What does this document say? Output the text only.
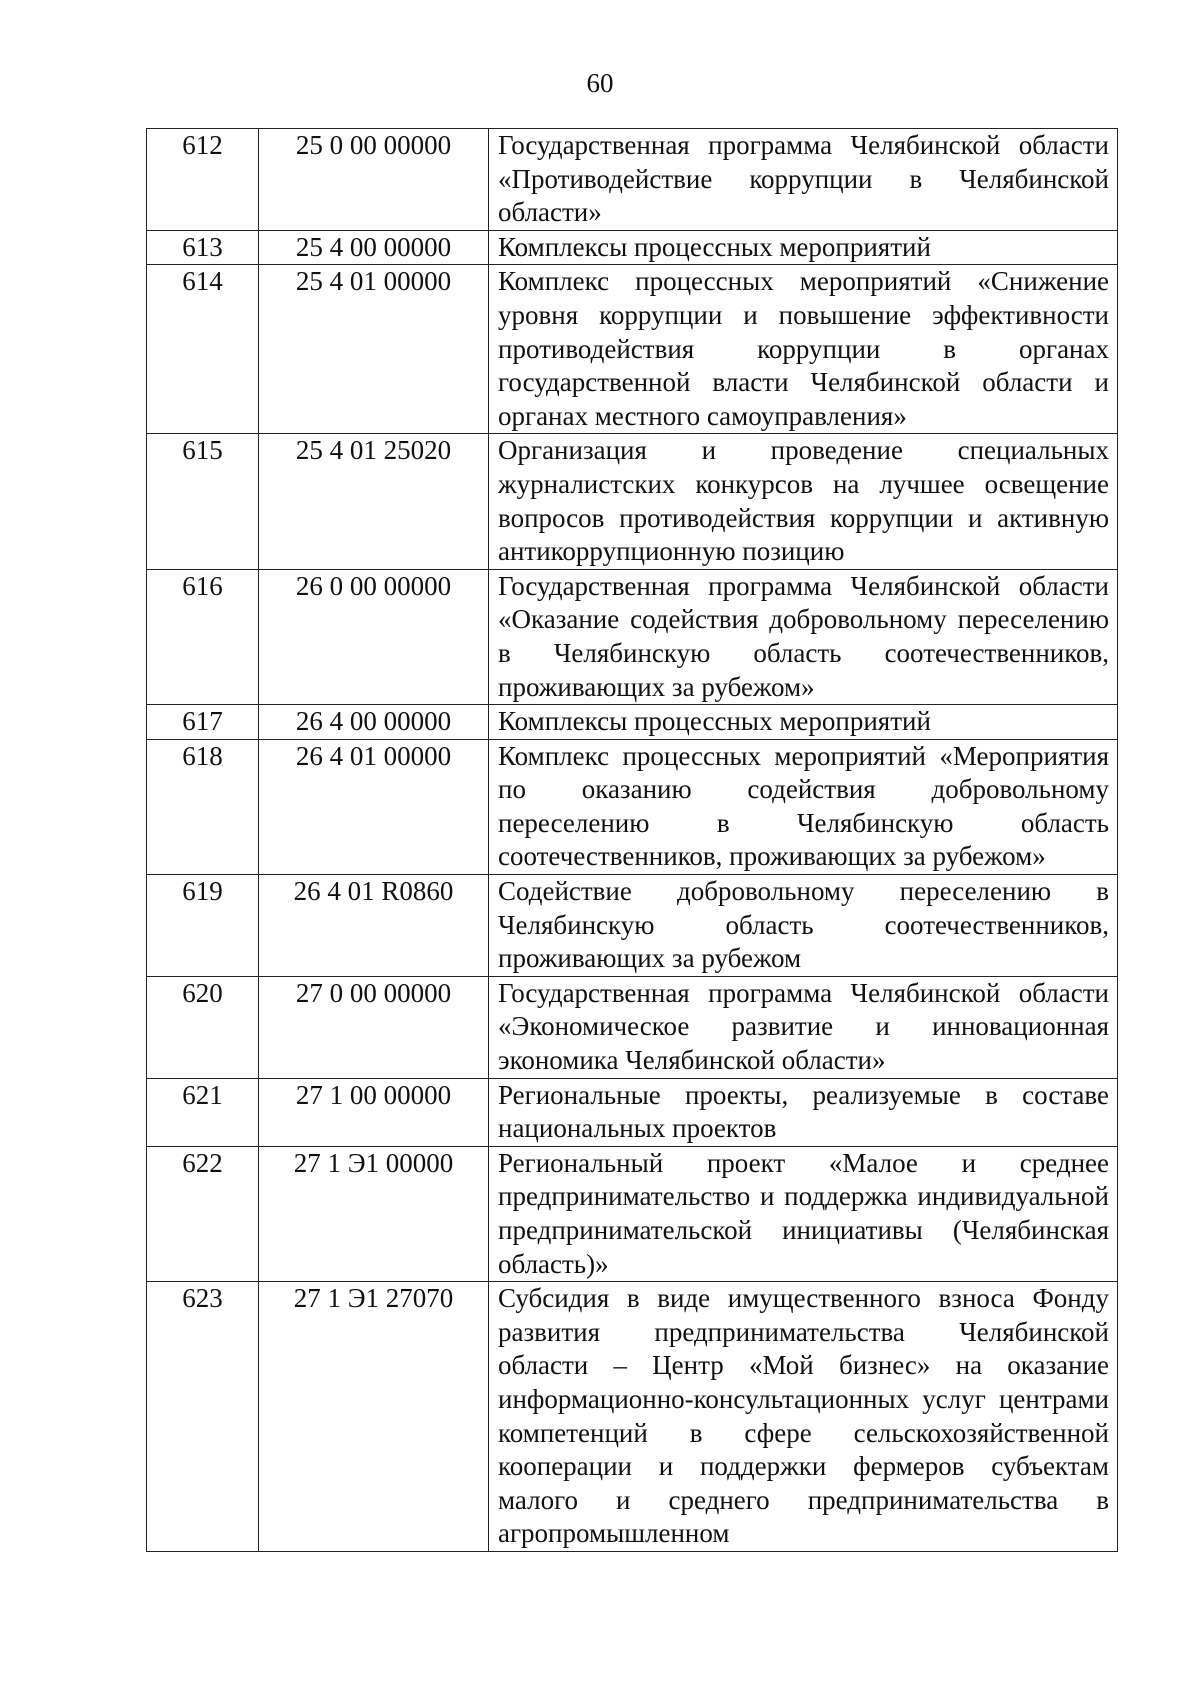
60
612	25 0 00 00000	Государственная программа Челябинской области «Противодействие коррупции в Челябинской области»

613	25 4 00 00000	Комплексы процессных мероприятий

614	25 4 01 00000	Комплекс процессных мероприятий «Снижение уровня коррупции и повышение эффективности противодействия коррупции в органах государственной власти Челябинской области и органах местного самоуправления»

615	25 4 01 25020	Организация и проведение специальных журналистских конкурсов на лучшее освещение вопросов противодействия коррупции и активную антикоррупционную позицию

616	26 0 00 00000	Государственная программа Челябинской области «Оказание содействия добровольному переселению в Челябинскую область соотечественников, проживающих за рубежом»

617	26 4 00 00000	Комплексы процессных мероприятий

618	26 4 01 00000	Комплекс процессных мероприятий «Мероприятия по оказанию содействия добровольному переселению в Челябинскую область соотечественников, проживающих за рубежом»

619	26 4 01 R0860	Содействие добровольному переселению в Челябинскую область соотечественников, проживающих за рубежом

620	27 0 00 00000	Государственная программа Челябинской области «Экономическое развитие и инновационная экономика Челябинской области»

621	27 1 00 00000	Региональные проекты, реализуемые в составе национальных проектов

622	27 1 Э1 00000	Региональный проект «Малое и среднее предпринимательство и поддержка индивидуальной предпринимательской инициативы (Челябинская область)»

623	27 1 Э1 27070	Субсидия в виде имущественного взноса Фонду развития предпринимательства Челябинской области – Центр «Мой бизнес» на оказание информационно-консультационных услуг центрами компетенций в сфере сельскохозяйственной кооперации и поддержки фермеров субъектам малого и среднего предпринимательства в агропромышленном
